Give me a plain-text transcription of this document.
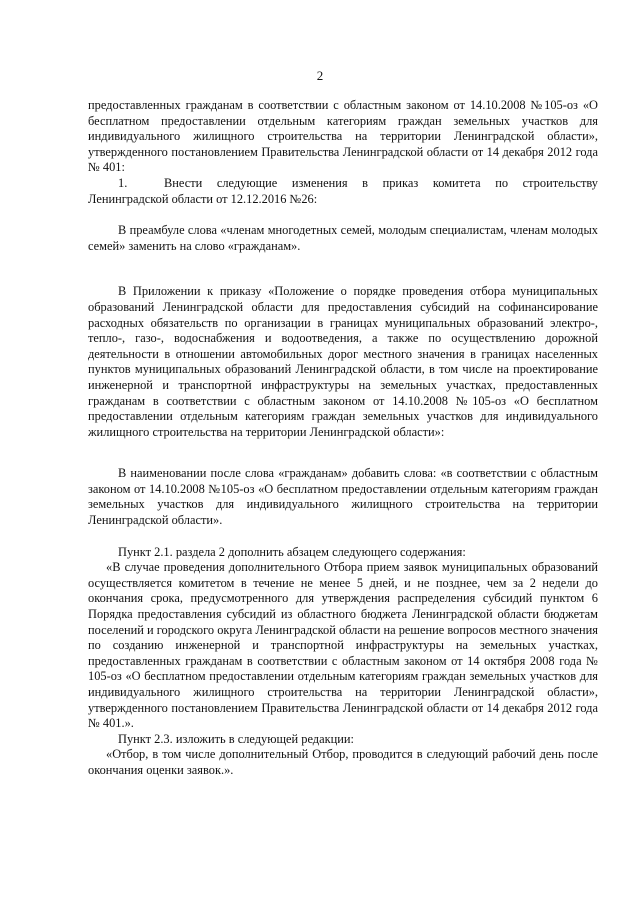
2

предоставленных гражданам в соответствии с областным законом от 14.10.2008 №105-оз «О бесплатном предоставлении отдельным категориям граждан земельных участков для индивидуального жилищного строительства на территории Ленинградской области», утвержденного постановлением Правительства Ленинградской области от 14 декабря 2012 года № 401:

1.	Внести следующие изменения в приказ комитета по строительству Ленинградской области от 12.12.2016 №26:

В преамбуле слова «членам многодетных семей, молодым специалистам, членам молодых семей» заменить на слово «гражданам».

В Приложении к приказу «Положение о порядке проведения отбора муниципальных образований Ленинградской области для предоставления субсидий на софинансирование расходных обязательств по организации в границах муниципальных образований электро-, тепло-, газо-, водоснабжения и водоотведения, а также по осуществлению дорожной деятельности в отношении автомобильных дорог местного значения в границах населенных пунктов муниципальных образований Ленинградской области, в том числе на проектирование инженерной и транспортной инфраструктуры на земельных участках, предоставленных гражданам в соответствии с областным законом от 14.10.2008 №105-оз «О бесплатном предоставлении отдельным категориям граждан земельных участков для индивидуального жилищного строительства на территории Ленинградской области»:

В наименовании после слова «гражданам» добавить слова: «в соответствии с областным законом от 14.10.2008 №105-оз «О бесплатном предоставлении отдельным категориям граждан земельных участков для индивидуального жилищного строительства на территории Ленинградской области».

Пункт 2.1. раздела 2 дополнить абзацем следующего содержания:

«В случае проведения дополнительного Отбора прием заявок муниципальных образований осуществляется комитетом в течение не менее 5 дней, и не позднее, чем за 2 недели до окончания срока, предусмотренного для утверждения распределения субсидий пунктом 6 Порядка предоставления субсидий из областного бюджета Ленинградской области бюджетам поселений и городского округа Ленинградской области на решение вопросов местного значения по созданию инженерной и транспортной инфраструктуры на земельных участках, предоставленных гражданам в соответствии с областным законом от 14 октября 2008 года № 105-оз «О бесплатном предоставлении отдельным категориям граждан земельных участков для индивидуального жилищного строительства на территории Ленинградской области», утвержденного постановлением Правительства Ленинградской области от 14 декабря 2012 года № 401.».

Пункт 2.3. изложить в следующей редакции:

«Отбор, в том числе дополнительный Отбор, проводится в следующий рабочий день после окончания оценки заявок.».
